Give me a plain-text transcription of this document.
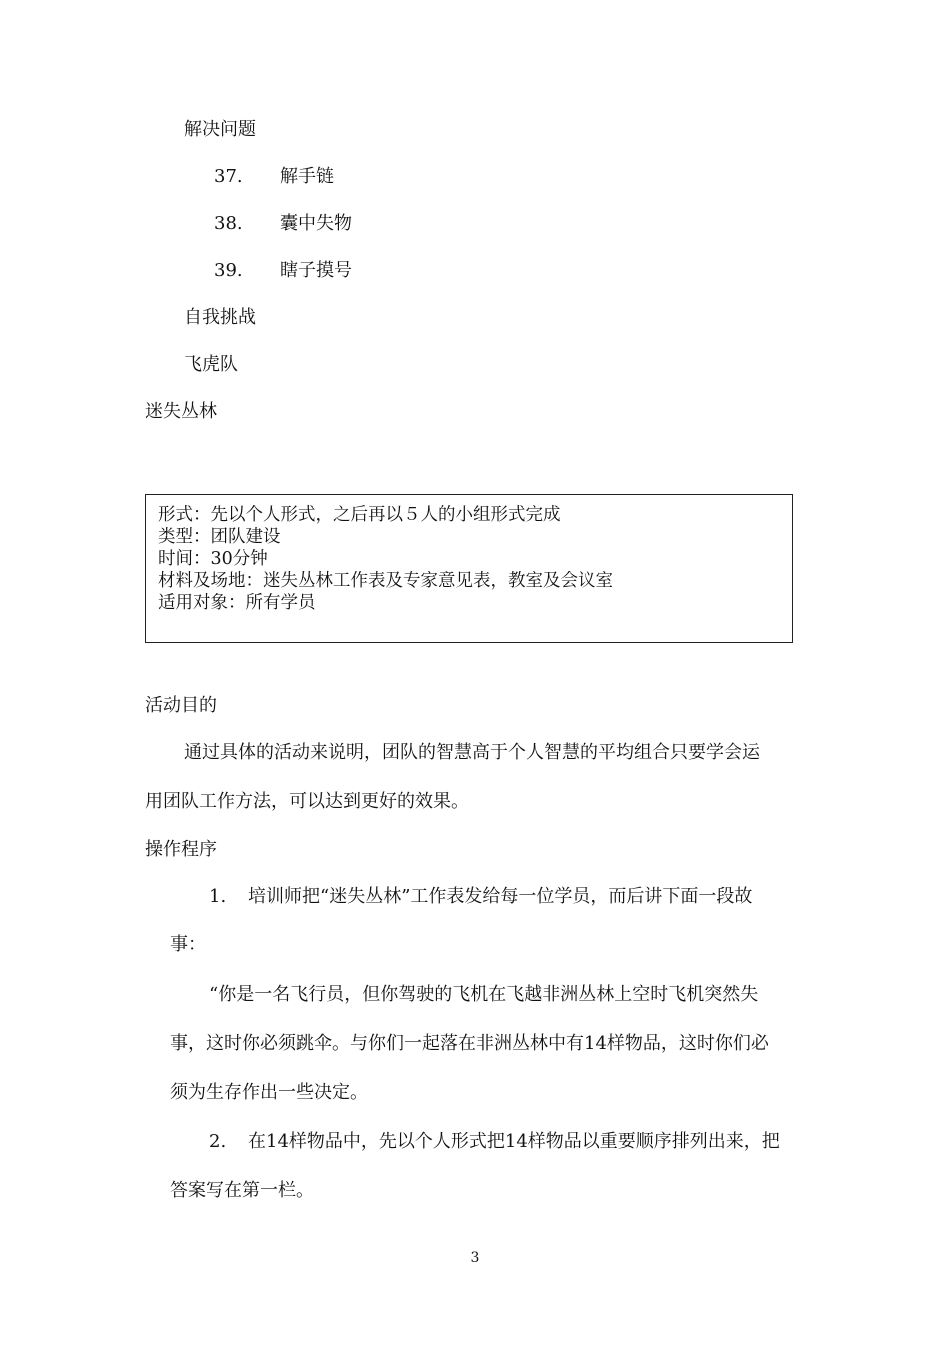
解决问题
37. 解手链
38. 囊中失物
39. 瞎子摸号
自我挑战
飞虎队
迷失丛林
形式：先以个人形式，之后再以５人的小组形式完成
类型：团队建设
时间：30分钟
材料及场地：迷失丛林工作表及专家意见表，教室及会议室
适用对象：所有学员
活动目的
通过具体的活动来说明，团队的智慧高于个人智慧的平均组合只要学会运
用团队工作方法，可以达到更好的效果。
操作程序
1. 培训师把“迷失丛林”工作表发给每一位学员，而后讲下面一段故
事：
“你是一名飞行员，但你驾驶的飞机在飞越非洲丛林上空时飞机突然失
事，这时你必须跳伞。与你们一起落在非洲丛林中有14样物品，这时你们必
须为生存作出一些决定。
2. 在14样物品中，先以个人形式把14样物品以重要顺序排列出来，把
答案写在第一栏。
3
